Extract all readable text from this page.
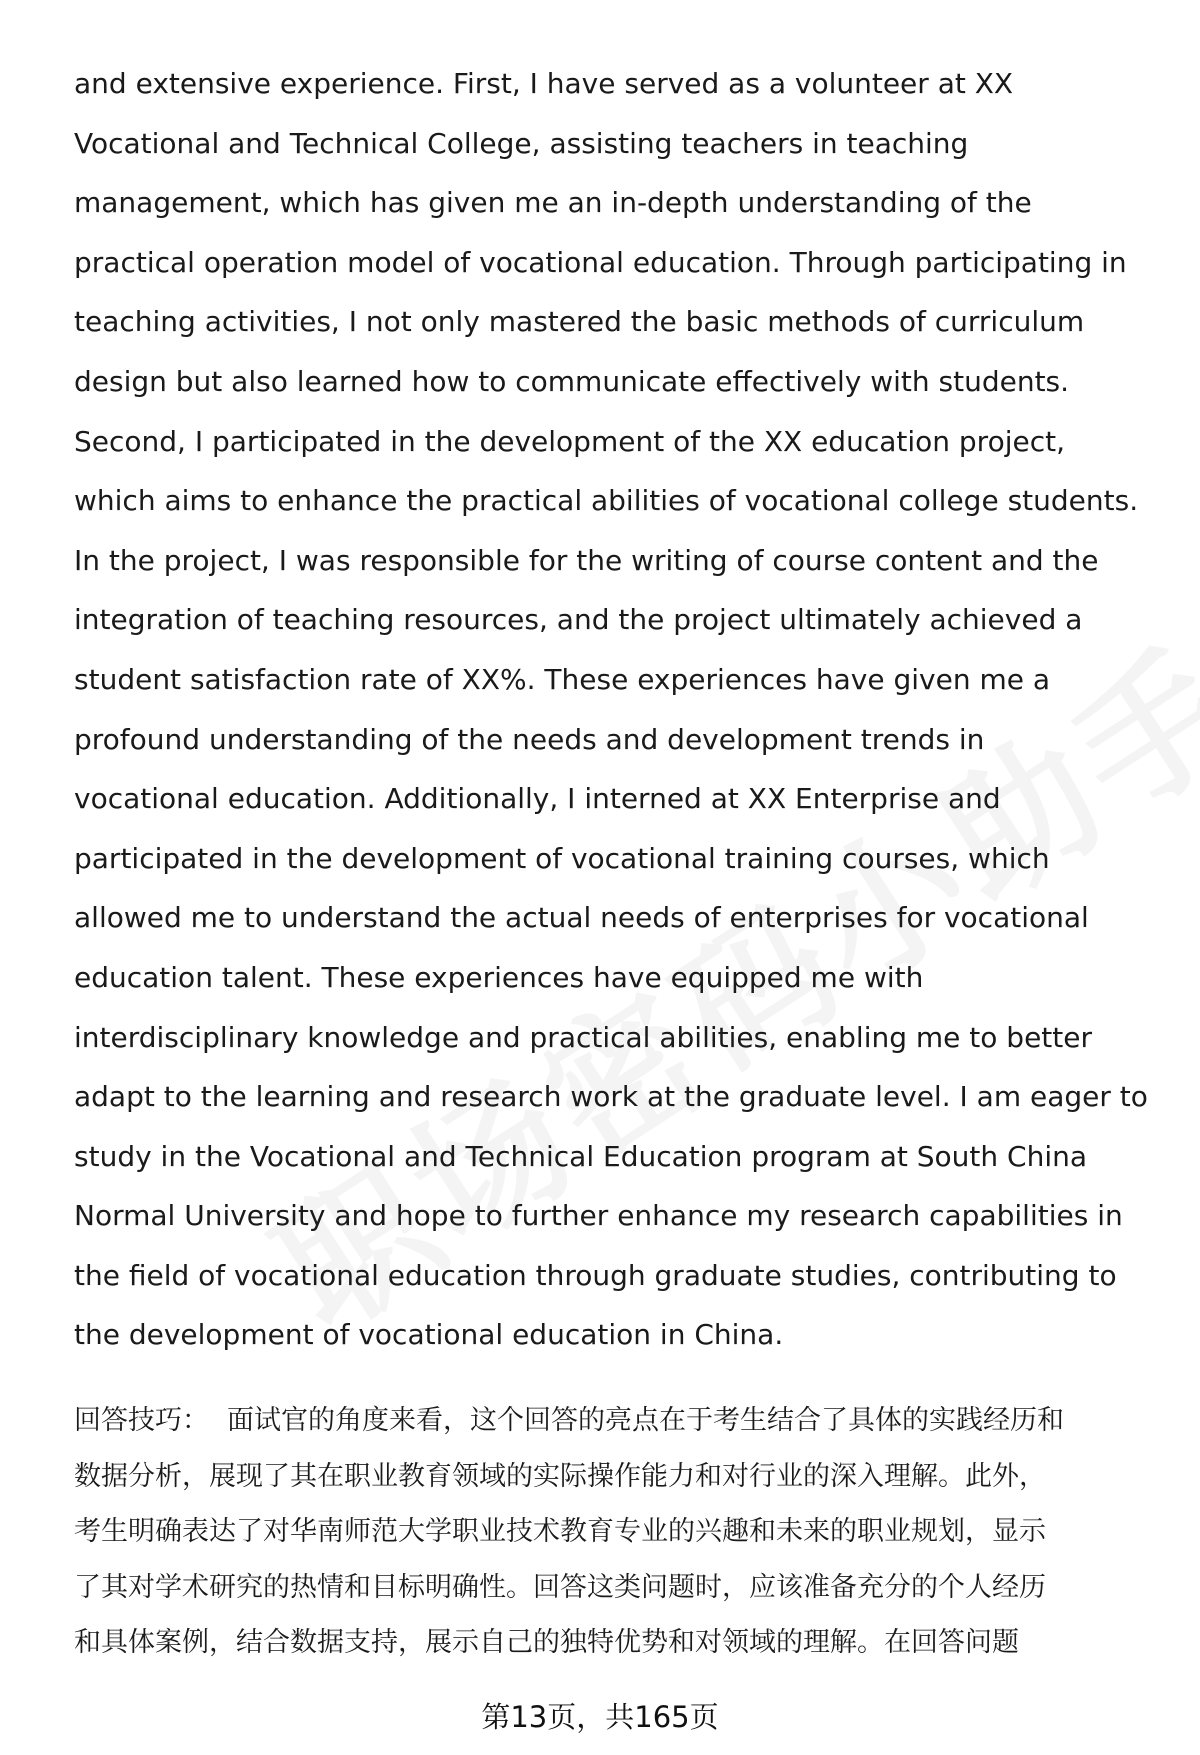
and extensive experience. First, I have served as a volunteer at XX
Vocational and Technical College, assisting teachers in teaching
management, which has given me an in-depth understanding of the
practical operation model of vocational education. Through participating in
teaching activities, I not only mastered the basic methods of curriculum
design but also learned how to communicate effectively with students.
Second, I participated in the development of the XX education project,
which aims to enhance the practical abilities of vocational college students.
In the project, I was responsible for the writing of course content and the
integration of teaching resources, and the project ultimately achieved a
student satisfaction rate of XX%. These experiences have given me a
profound understanding of the needs and development trends in
vocational education. Additionally, I interned at XX Enterprise and
participated in the development of vocational training courses, which
allowed me to understand the actual needs of enterprises for vocational
education talent. These experiences have equipped me with
interdisciplinary knowledge and practical abilities, enabling me to better
adapt to the learning and research work at the graduate level. I am eager to
study in the Vocational and Technical Education program at South China
Normal University and hope to further enhance my research capabilities in
the field of vocational education through graduate studies, contributing to
the development of vocational education in China.
回答技巧： 面试官的角度来看，这个回答的亮点在于考生结合了具体的实践经历和
数据分析，展现了其在职业教育领域的实际操作能力和对行业的深入理解。此外，
考生明确表达了对华南师范大学职业技术教育专业的兴趣和未来的职业规划，显示
了其对学术研究的热情和目标明确性。回答这类问题时，应该准备充分的个人经历
和具体案例，结合数据支持，展示自己的独特优势和对领域的理解。在回答问题
第13页，共165页
